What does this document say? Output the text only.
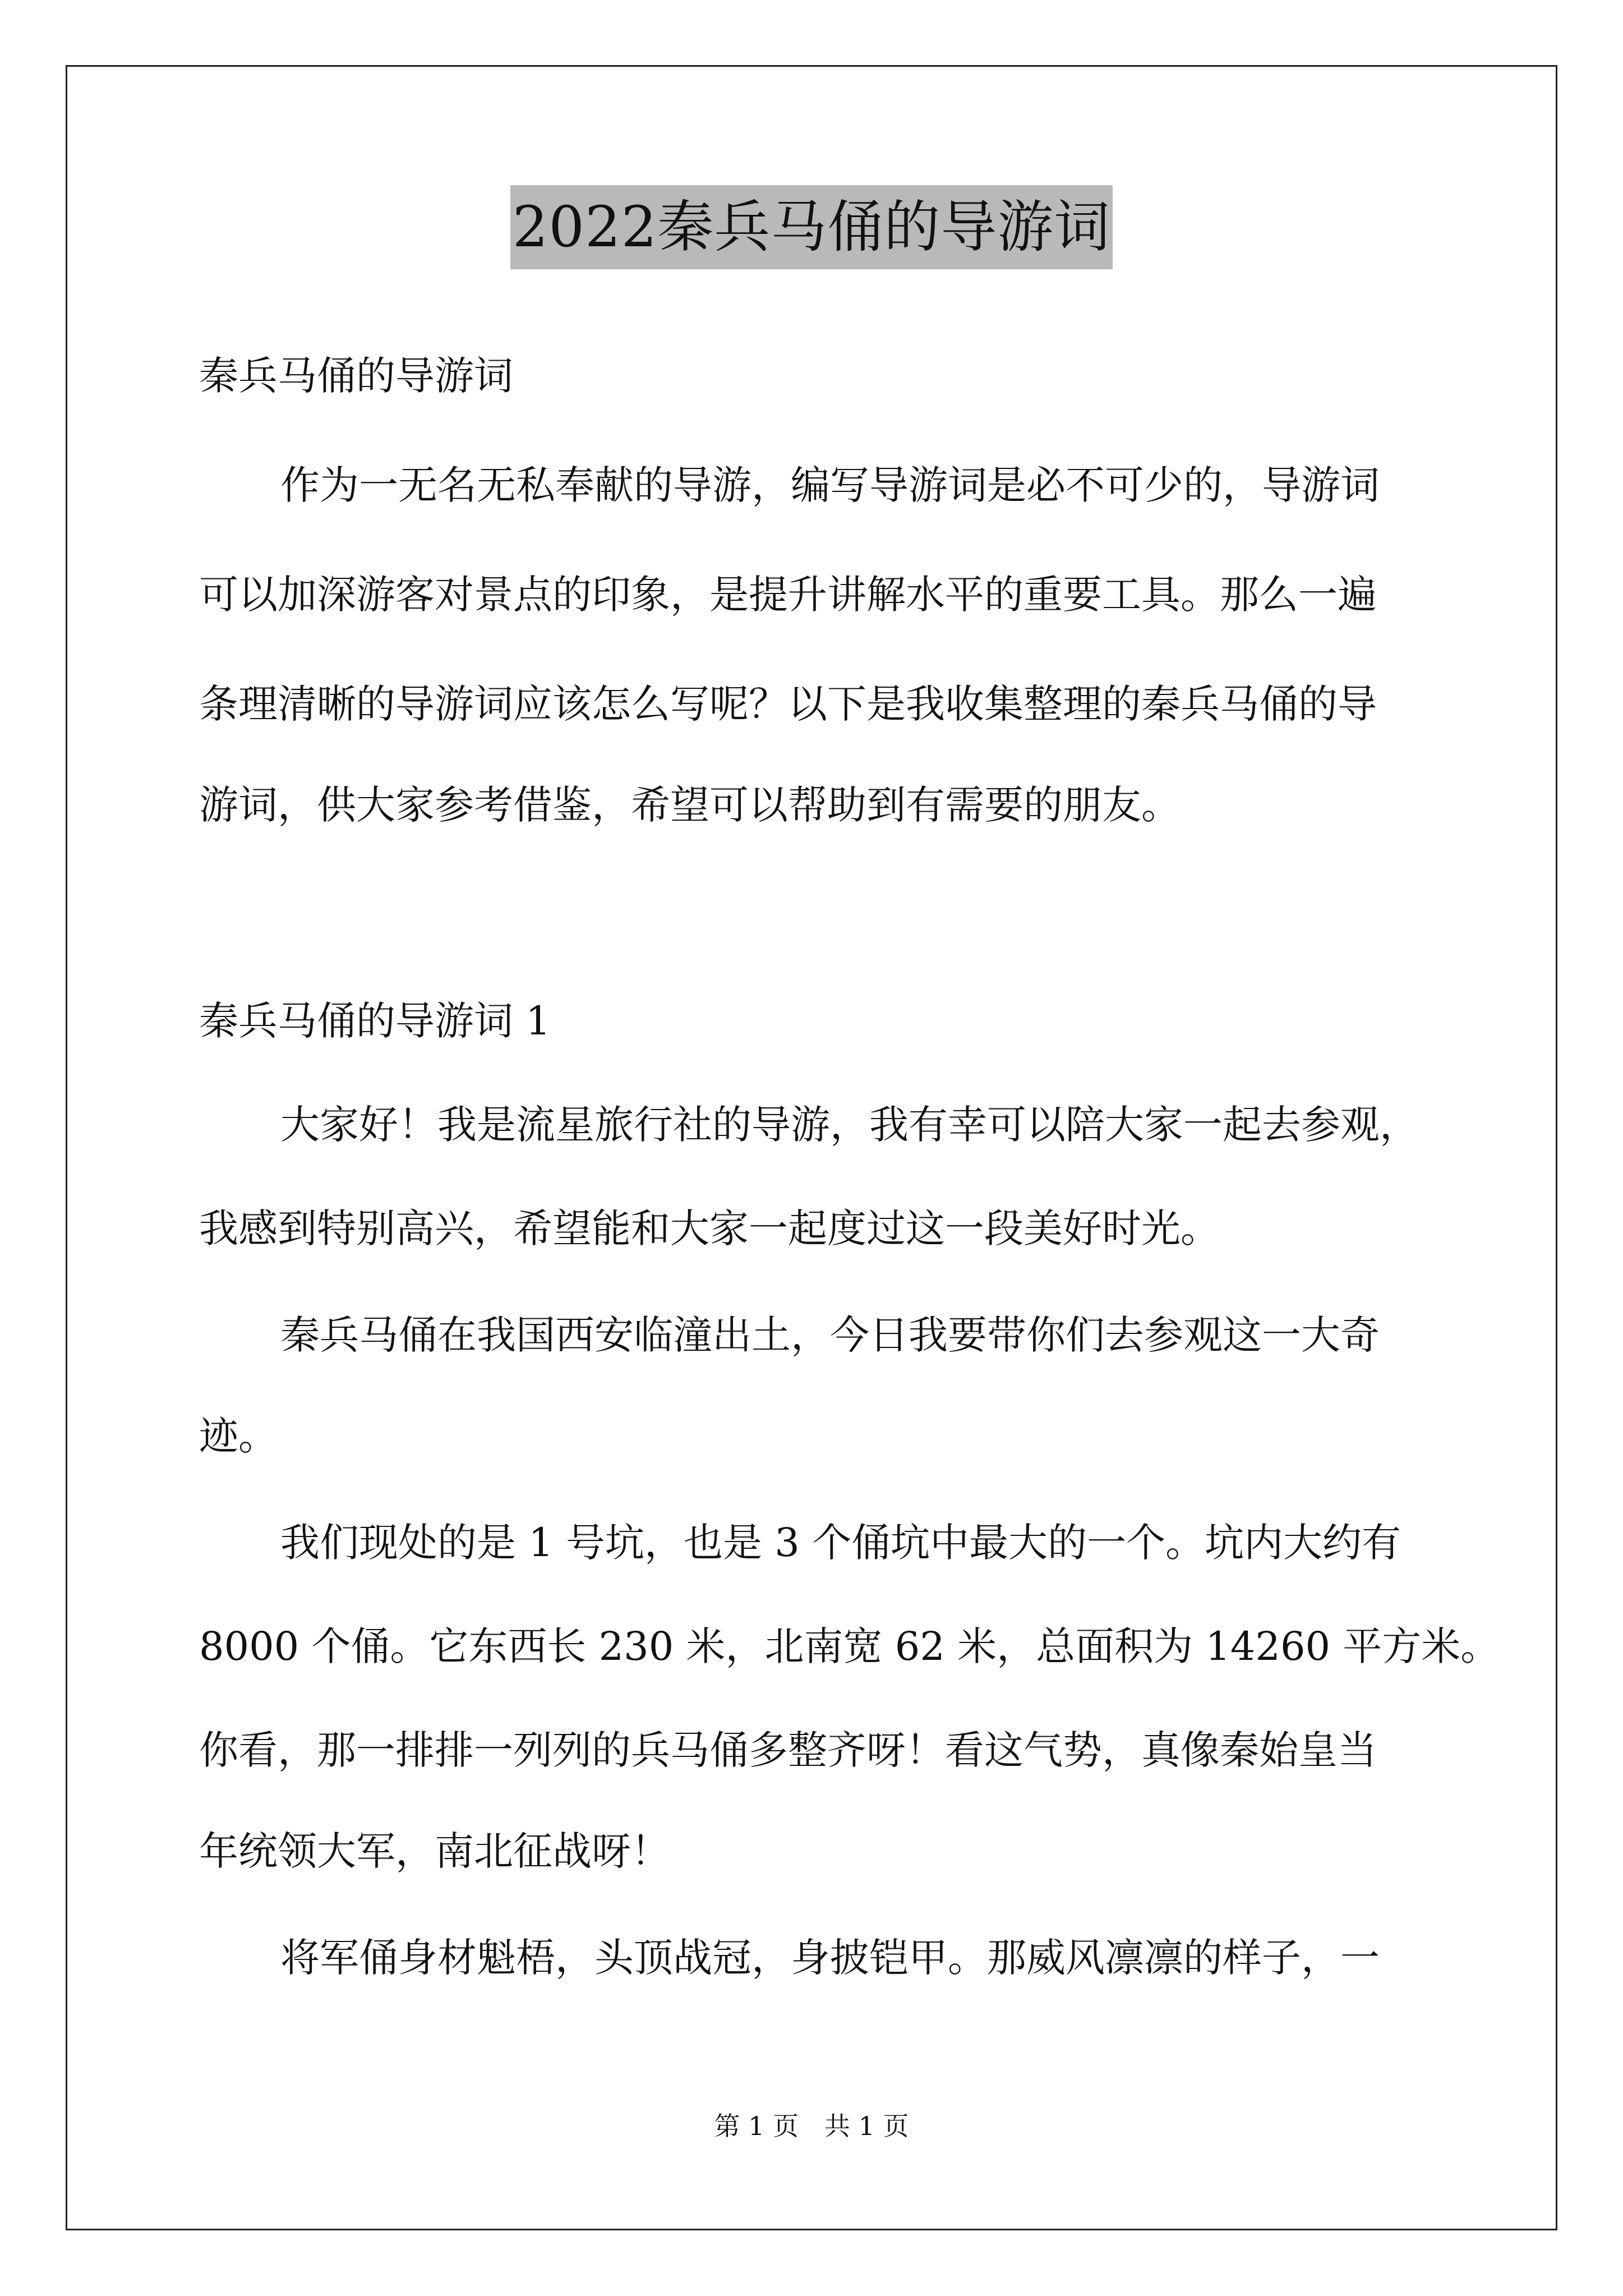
2022秦兵马俑的导游词
秦兵马俑的导游词
作为一无名无私奉献的导游，编写导游词是必不可少的，导游词
可以加深游客对景点的印象，是提升讲解水平的重要工具。那么一遍
条理清晰的导游词应该怎么写呢？以下是我收集整理的秦兵马俑的导
游词，供大家参考借鉴，希望可以帮助到有需要的朋友。
秦兵马俑的导游词 1
大家好！我是流星旅行社的导游，我有幸可以陪大家一起去参观，
我感到特别高兴，希望能和大家一起度过这一段美好时光。
秦兵马俑在我国西安临潼出土，今日我要带你们去参观这一大奇
迹。
我们现处的是 1 号坑，也是 3 个俑坑中最大的一个。坑内大约有
8000 个俑。它东西长 230 米，北南宽 62 米，总面积为 14260 平方米。
你看，那一排排一列列的兵马俑多整齐呀！看这气势，真像秦始皇当
年统领大军，南北征战呀！
将军俑身材魁梧，头顶战冠，身披铠甲。那威风凛凛的样子，一
第 1 页　共 1 页
